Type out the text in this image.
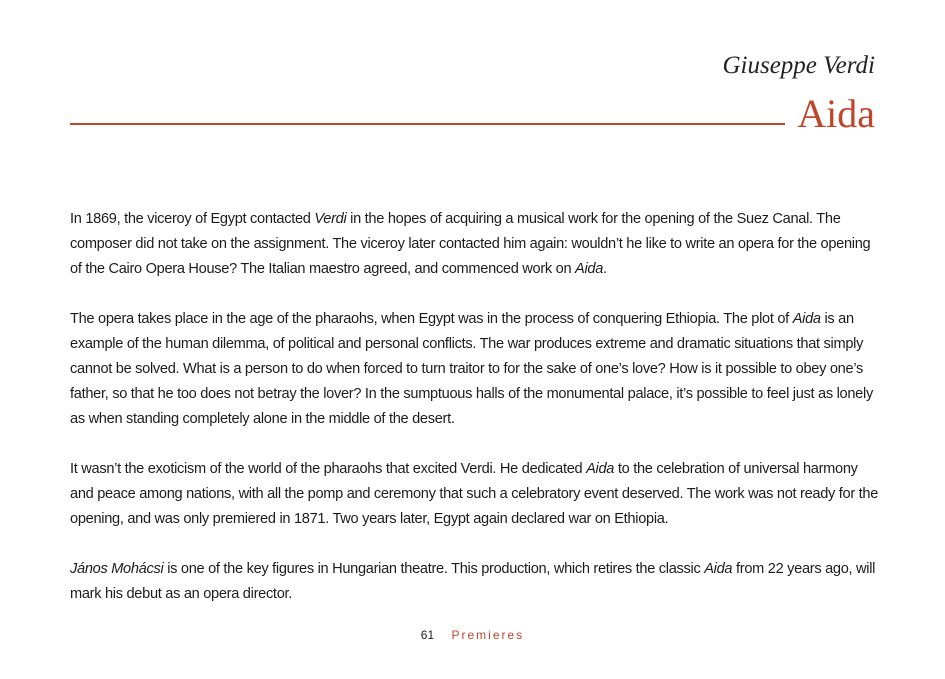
Giuseppe Verdi
Aida

In 1869, the viceroy of Egypt contacted Verdi in the hopes of acquiring a musical work for the opening of the Suez Canal. The composer did not take on the assignment. The viceroy later contacted him again: wouldn’t he like to write an opera for the opening of the Cairo Opera House? The Italian maestro agreed, and commenced work on Aida.

The opera takes place in the age of the pharaohs, when Egypt was in the process of conquering Ethiopia. The plot of Aida is an example of the human dilemma, of political and personal conflicts. The war produces extreme and dramatic situations that simply cannot be solved. What is a person to do when forced to turn traitor to for the sake of one’s love? How is it possible to obey one’s father, so that he too does not betray the lover? In the sumptuous halls of the monumental palace, it’s possible to feel just as lonely as when standing completely alone in the middle of the desert.

It wasn’t the exoticism of the world of the pharaohs that excited Verdi. He dedicated Aida to the celebration of universal harmony and peace among nations, with all the pomp and ceremony that such a celebratory event deserved. The work was not ready for the opening, and was only premiered in 1871. Two years later, Egypt again declared war on Ethiopia.

János Mohácsi is one of the key figures in Hungarian theatre. This production, which retires the classic Aida from 22 years ago, will mark his debut as an opera director.

61 Premieres
